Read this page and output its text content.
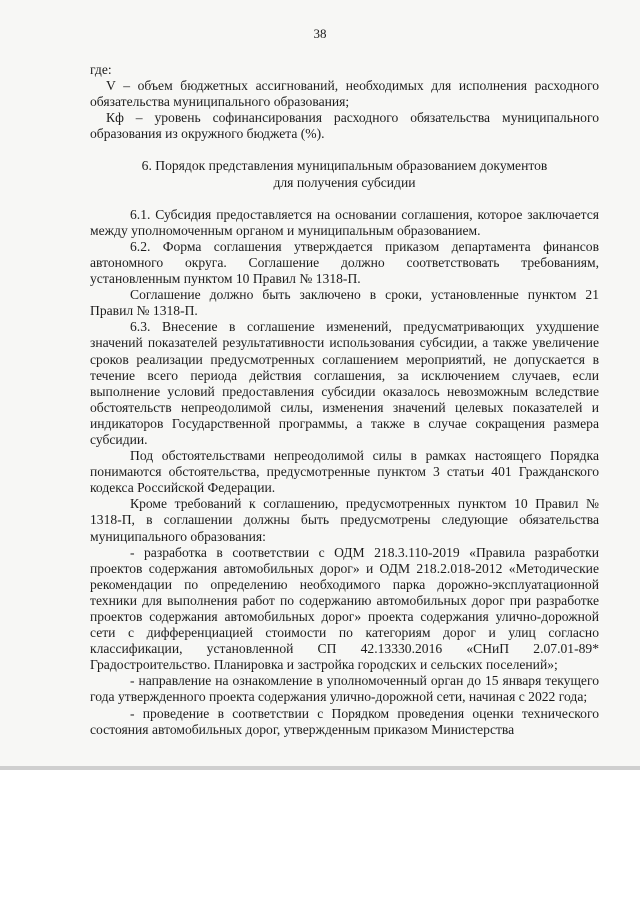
38

где:

V – объем бюджетных ассигнований, необходимых для исполнения расходного обязательства муниципального образования;

Кф – уровень софинансирования расходного обязательства муниципального образования из окружного бюджета (%).

6. Порядок представления муниципальным образованием документов для получения субсидии

6.1. Субсидия предоставляется на основании соглашения, которое заключается между уполномоченным органом и муниципальным образованием.

6.2. Форма соглашения утверждается приказом департамента финансов автономного округа. Соглашение должно соответствовать требованиям, установленным пунктом 10 Правил № 1318-П.

Соглашение должно быть заключено в сроки, установленные пунктом 21 Правил № 1318-П.

6.3. Внесение в соглашение изменений, предусматривающих ухудшение значений показателей результативности использования субсидии, а также увеличение сроков реализации предусмотренных соглашением мероприятий, не допускается в течение всего периода действия соглашения, за исключением случаев, если выполнение условий предоставления субсидии оказалось невозможным вследствие обстоятельств непреодолимой силы, изменения значений целевых показателей и индикаторов Государственной программы, а также в случае сокращения размера субсидии.

Под обстоятельствами непреодолимой силы в рамках настоящего Порядка понимаются обстоятельства, предусмотренные пунктом 3 статьи 401 Гражданского кодекса Российской Федерации.

Кроме требований к соглашению, предусмотренных пунктом 10 Правил № 1318-П, в соглашении должны быть предусмотрены следующие обязательства муниципального образования:

- разработка в соответствии с ОДМ 218.3.110-2019 «Правила разработки проектов содержания автомобильных дорог» и ОДМ 218.2.018-2012 «Методические рекомендации по определению необходимого парка дорожно-эксплуатационной техники для выполнения работ по содержанию автомобильных дорог при разработке проектов содержания автомобильных дорог» проекта содержания улично-дорожной сети с дифференциацией стоимости по категориям дорог и улиц согласно классификации, установленной СП 42.13330.2016 «СНиП 2.07.01-89* Градостроительство. Планировка и застройка городских и сельских поселений»;

- направление на ознакомление в уполномоченный орган до 15 января текущего года утвержденного проекта содержания улично-дорожной сети, начиная с 2022 года;

- проведение в соответствии с Порядком проведения оценки технического состояния автомобильных дорог, утвержденным приказом Министерства
